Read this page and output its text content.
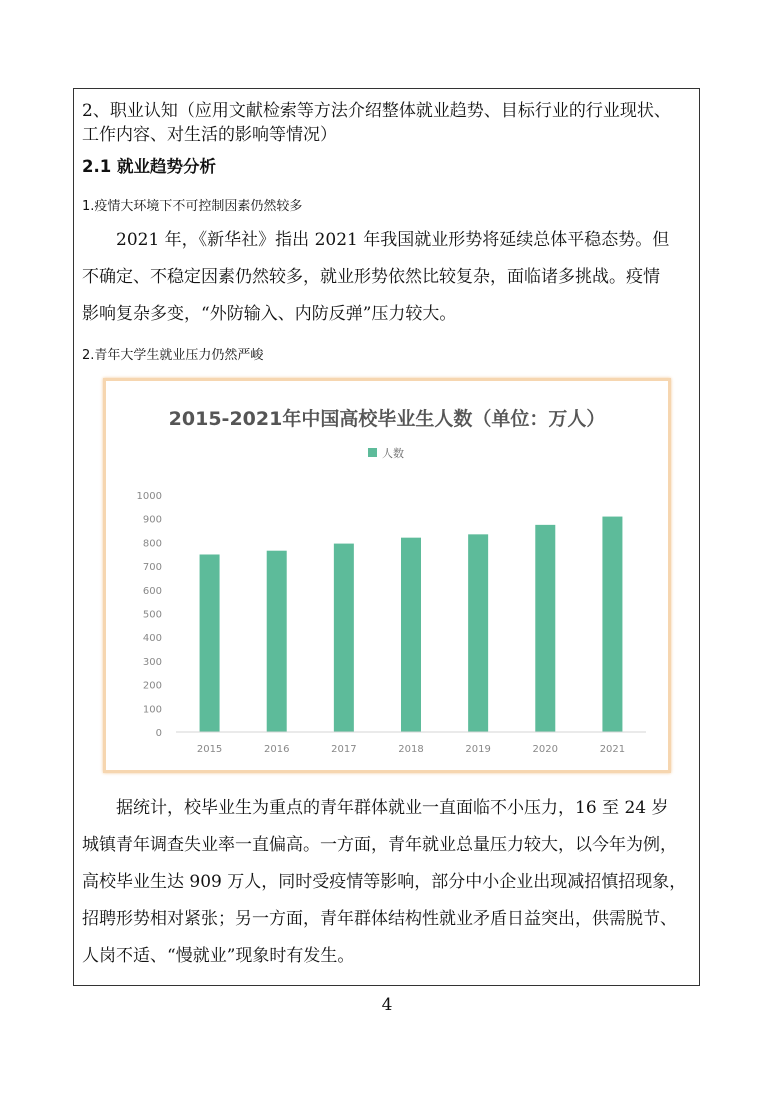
2、职业认知（应用文献检索等方法介绍整体就业趋势、目标行业的行业现状、
工作内容、对生活的影响等情况）
2.1 就业趋势分析
1.疫情大环境下不可控制因素仍然较多
2021 年，《新华社》指出 2021 年我国就业形势将延续总体平稳态势。但
不确定、不稳定因素仍然较多，就业形势依然比较复杂，面临诸多挑战。疫情
影响复杂多变，“外防输入、内防反弹”压力较大。
2.青年大学生就业压力仍然严峻
2015-2021年中国高校毕业生人数（单位：万人）
人数
0
100
200
300
400
500
600
700
800
900
1000
2015	2016	2017	2018	2019	2020	2021
据统计，校毕业生为重点的青年群体就业一直面临不小压力，16 至 24 岁
城镇青年调查失业率一直偏高。一方面，青年就业总量压力较大，以今年为例，
高校毕业生达 909 万人，同时受疫情等影响，部分中小企业出现减招慎招现象，
招聘形势相对紧张；另一方面，青年群体结构性就业矛盾日益突出，供需脱节、
人岗不适、“慢就业”现象时有发生。
4
